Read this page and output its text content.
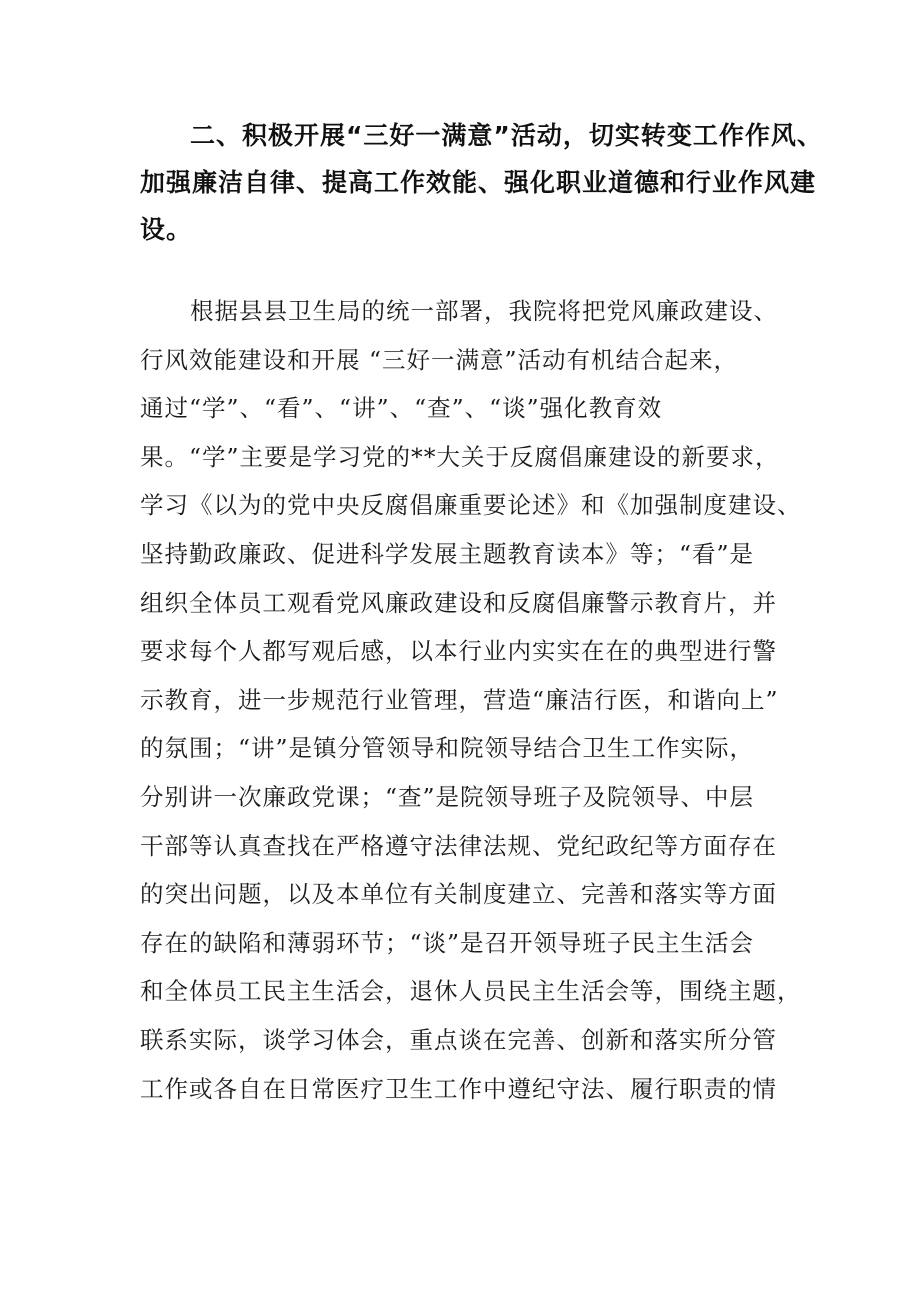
二、积极开展“三好一满意”活动，切实转变工作作风、
加强廉洁自律、提高工作效能、强化职业道德和行业作风建
设。

根据县县卫生局的统一部署，我院将把党风廉政建设、
行风效能建设和开展 “三好一满意”活动有机结合起来，
通过“学”、“看”、“讲”、“查”、“谈”强化教育效
果。“学”主要是学习党的**大关于反腐倡廉建设的新要求，
学习《以为的党中央反腐倡廉重要论述》和《加强制度建设、
坚持勤政廉政、促进科学发展主题教育读本》等；“看”是
组织全体员工观看党风廉政建设和反腐倡廉警示教育片，并
要求每个人都写观后感，以本行业内实实在在的典型进行警
示教育，进一步规范行业管理，营造“廉洁行医，和谐向上”
的氛围；“讲”是镇分管领导和院领导结合卫生工作实际，
分别讲一次廉政党课；“查”是院领导班子及院领导、中层
干部等认真查找在严格遵守法律法规、党纪政纪等方面存在
的突出问题，以及本单位有关制度建立、完善和落实等方面
存在的缺陷和薄弱环节；“谈”是召开领导班子民主生活会
和全体员工民主生活会，退休人员民主生活会等，围绕主题，
联系实际，谈学习体会，重点谈在完善、创新和落实所分管
工作或各自在日常医疗卫生工作中遵纪守法、履行职责的情
